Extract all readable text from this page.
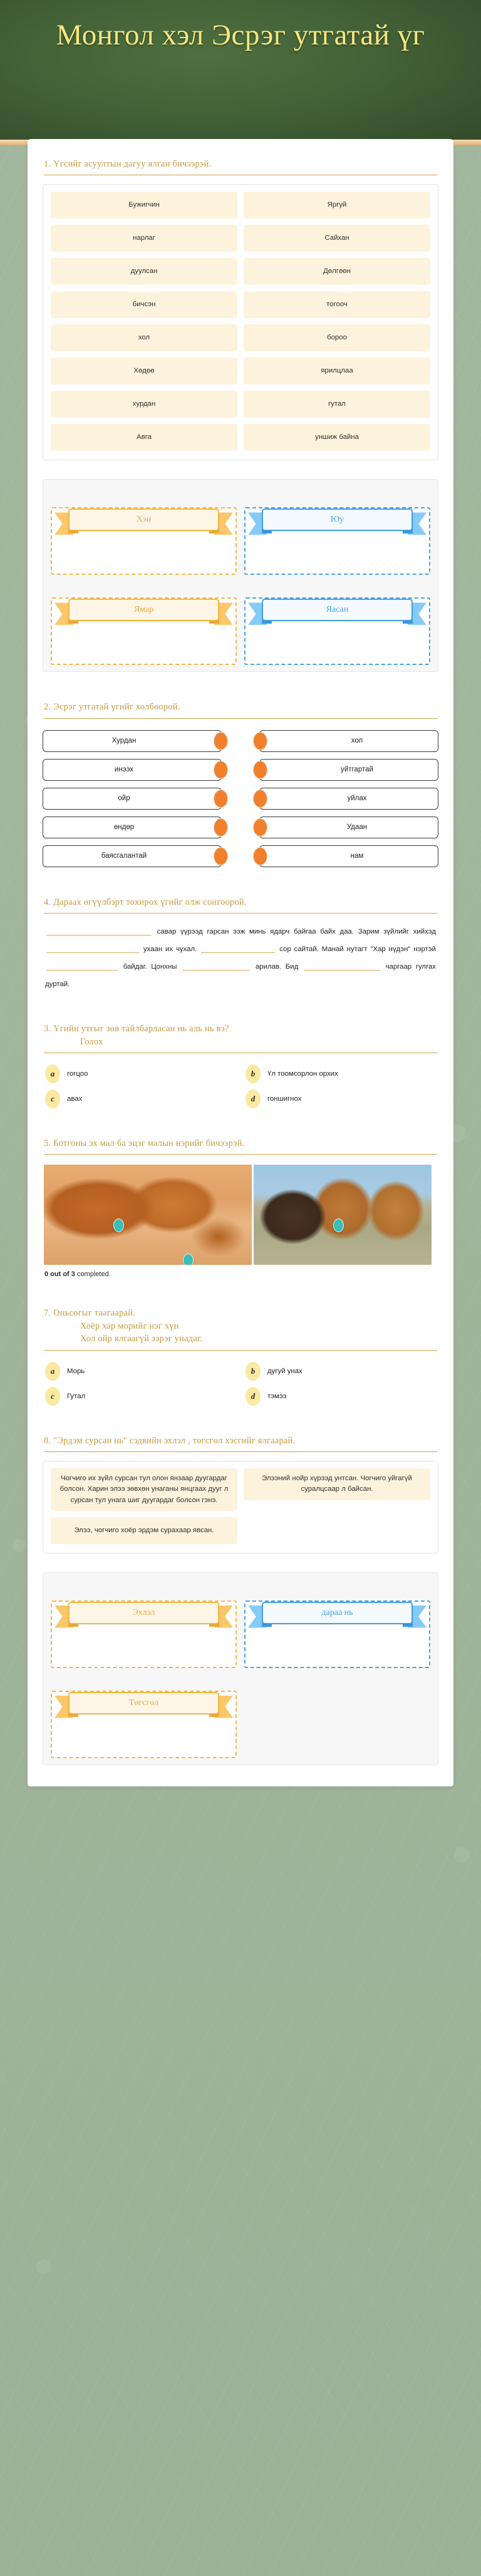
Монгол хэл Эсрэг утгатай үг
1. Үгсийг асуултын дагуу ялган бичээрэй.
Бужигчин	Яргуй
нарлаг	Сайхан
дуулсан	Дөлгөөн
бичсэн	тогооч
хол	бороо
Хөдөө	ярилцлаа
хурдан	гутал
Авга	уншиж байна
Хэн	Юу
Ямар	Яасан
2. Эсрэг утгатай үгийг холбоорой.
Хурдан	хол
инээх	уйтгартай
ойр	уйлах
өндөр	Удаан
баясгалантай	нам
4. Дараах өгүүлбэрт тохирох үгийг олж сонгоорой.
савар үүрээд гарсан ээж минь ядарч байгаа байх даа. Зарим зүйлийг хийхэд  ухаан их чухал.	сор сайтай. Манай нутагт "Хар нүдэн" нэртэй  байдаг. Цонхны	арилав. Бид	чаргаар гулгах дуртай.
3. Үгийн утгыг зөв тайлбарласан нь аль нь вэ?
Голох
a	гогцоо	b	Үл тоомсорлон орхих
c	авах	d	гоншигнох
5. Ботгоны эх мал ба эцэг малын нэрийг бичээрэй.
0 out of 3 completed.
7. Оньсогыг таагаарай.
Хоёр хар морийг нэг хүн
Хол ойр ялгаагүй зэрэг унадаг.
a	Морь	b	дугуй унах
c	Гутал	d	тэмээ
8. "Эрдэм сурсан нь" сэдвийн эхлэл , төгсгөл хэсгийг ялгаарай.
Чогчиго их зүйл сурсан тул олон янзаар дуугардаг болсон. Харин элээ зөвхөн унаганы янцгаах дууг л сурсан тул унага шиг дуугардаг болсон гэнэ.
Элээний нойр хүрээд унтсан. Чогчиго уйгагүй суралцсаар л байсан.
Элээ, чогчиго хоёр эрдэм сурахаар явсан.
Эхлэл	дараа нь
Төгсгөл
